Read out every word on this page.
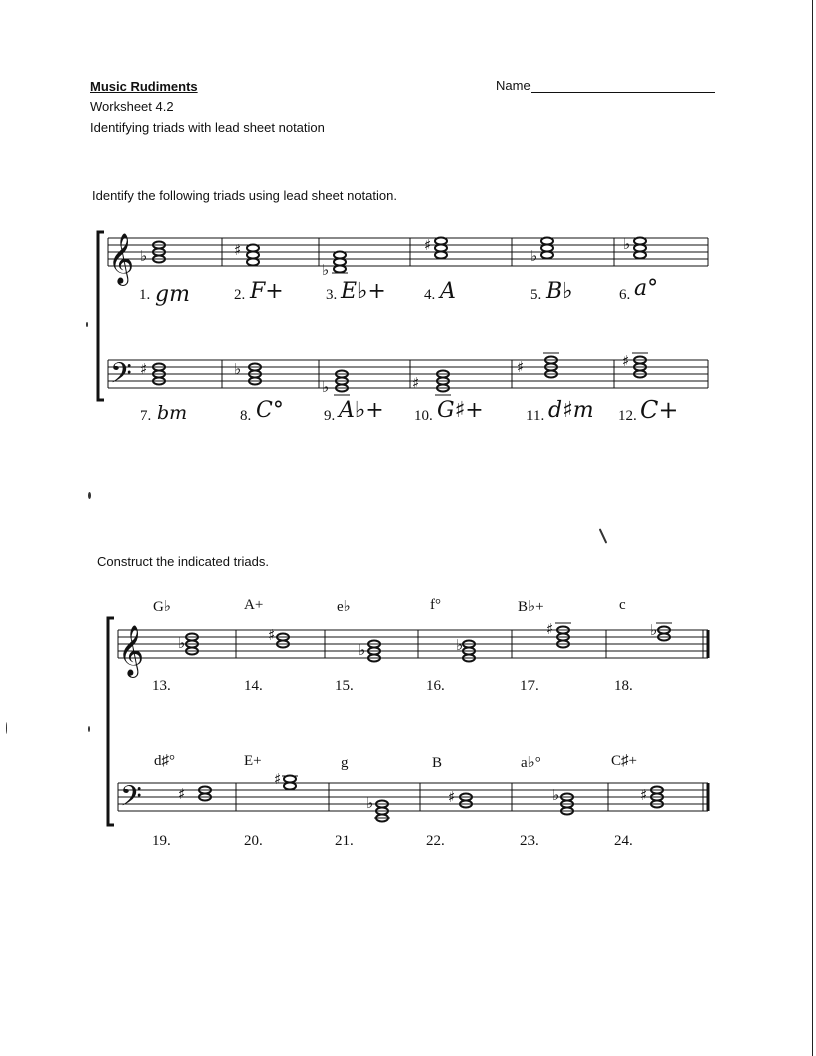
Music Rudiments
Worksheet 4.2
Identifying triads with lead sheet notation
Name
Identify the following triads using lead sheet notation.
Construct the indicated triads.
𝄞
𝄢
𝄞
𝄢
♭	♯
♭
♯
♭
♭
♯	♭
♭	♯
♯	♯
♭	♯
♭	♭
♯	♭
♯
♯
♭	♯	♭	♯
1. gm	2. F+	3. E♭+	4. A	5. B♭	6. a°
7. bm	8. C°	9. A♭+ 10. G♯+	11. d♯m 12. C+
G♭	A+	e♭	f°	B♭+	c
13.	14.	15.	16.	17.	18.
d♯°	E+	g	B	a♭°	C♯+
19.	20.	21.	22.	23.	24.
